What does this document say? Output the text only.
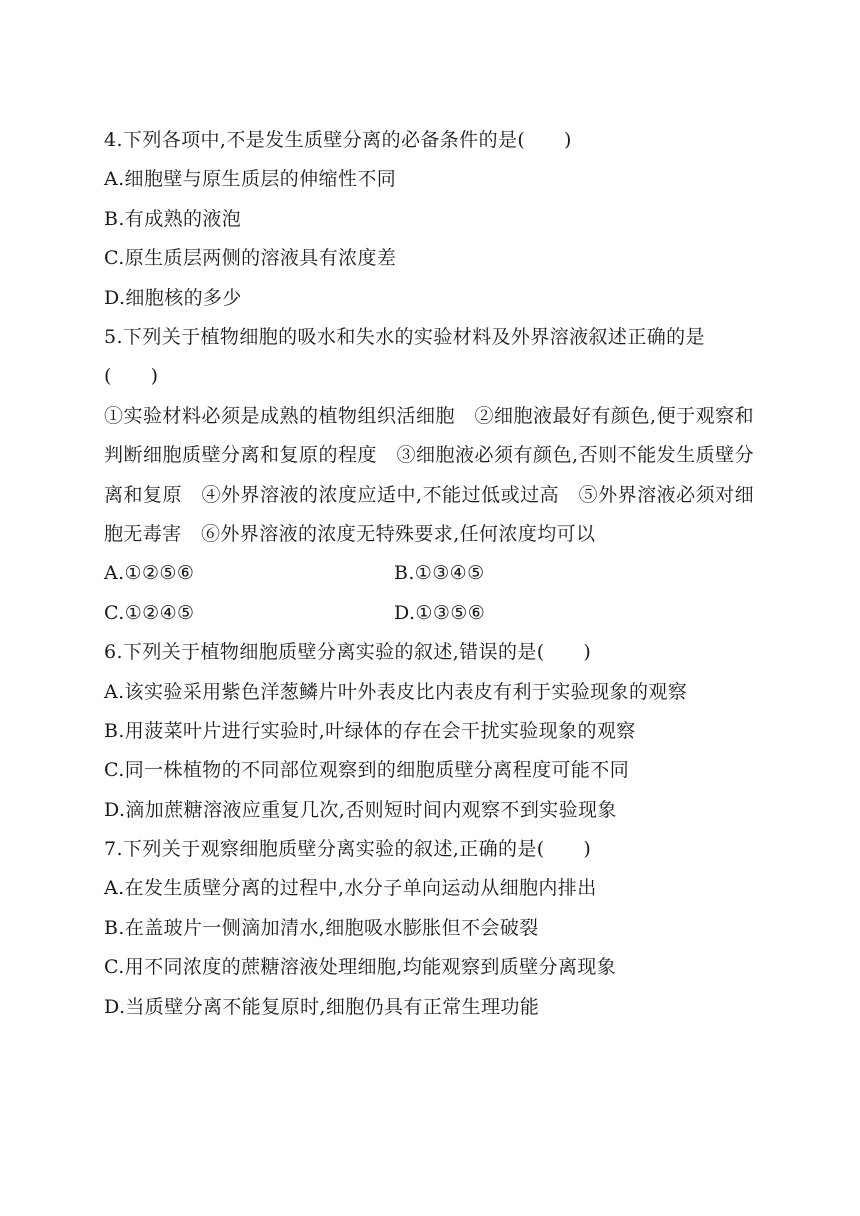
4.下列各项中,不是发生质壁分离的必备条件的是(　　)
A.细胞壁与原生质层的伸缩性不同
B.有成熟的液泡
C.原生质层两侧的溶液具有浓度差
D.细胞核的多少
5.下列关于植物细胞的吸水和失水的实验材料及外界溶液叙述正确的是
(　　)
①实验材料必须是成熟的植物组织活细胞　②细胞液最好有颜色,便于观察和判断细胞质壁分离和复原的程度　③细胞液必须有颜色,否则不能发生质壁分离和复原　④外界溶液的浓度应适中,不能过低或过高　⑤外界溶液必须对细胞无毒害　⑥外界溶液的浓度无特殊要求,任何浓度均可以
A.①②⑤⑥	B.①③④⑤
C.①②④⑤	D.①③⑤⑥
6.下列关于植物细胞质壁分离实验的叙述,错误的是(　　)
A.该实验采用紫色洋葱鳞片叶外表皮比内表皮有利于实验现象的观察
B.用菠菜叶片进行实验时,叶绿体的存在会干扰实验现象的观察
C.同一株植物的不同部位观察到的细胞质壁分离程度可能不同
D.滴加蔗糖溶液应重复几次,否则短时间内观察不到实验现象
7.下列关于观察细胞质壁分离实验的叙述,正确的是(　　)
A.在发生质壁分离的过程中,水分子单向运动从细胞内排出
B.在盖玻片一侧滴加清水,细胞吸水膨胀但不会破裂
C.用不同浓度的蔗糖溶液处理细胞,均能观察到质壁分离现象
D.当质壁分离不能复原时,细胞仍具有正常生理功能
